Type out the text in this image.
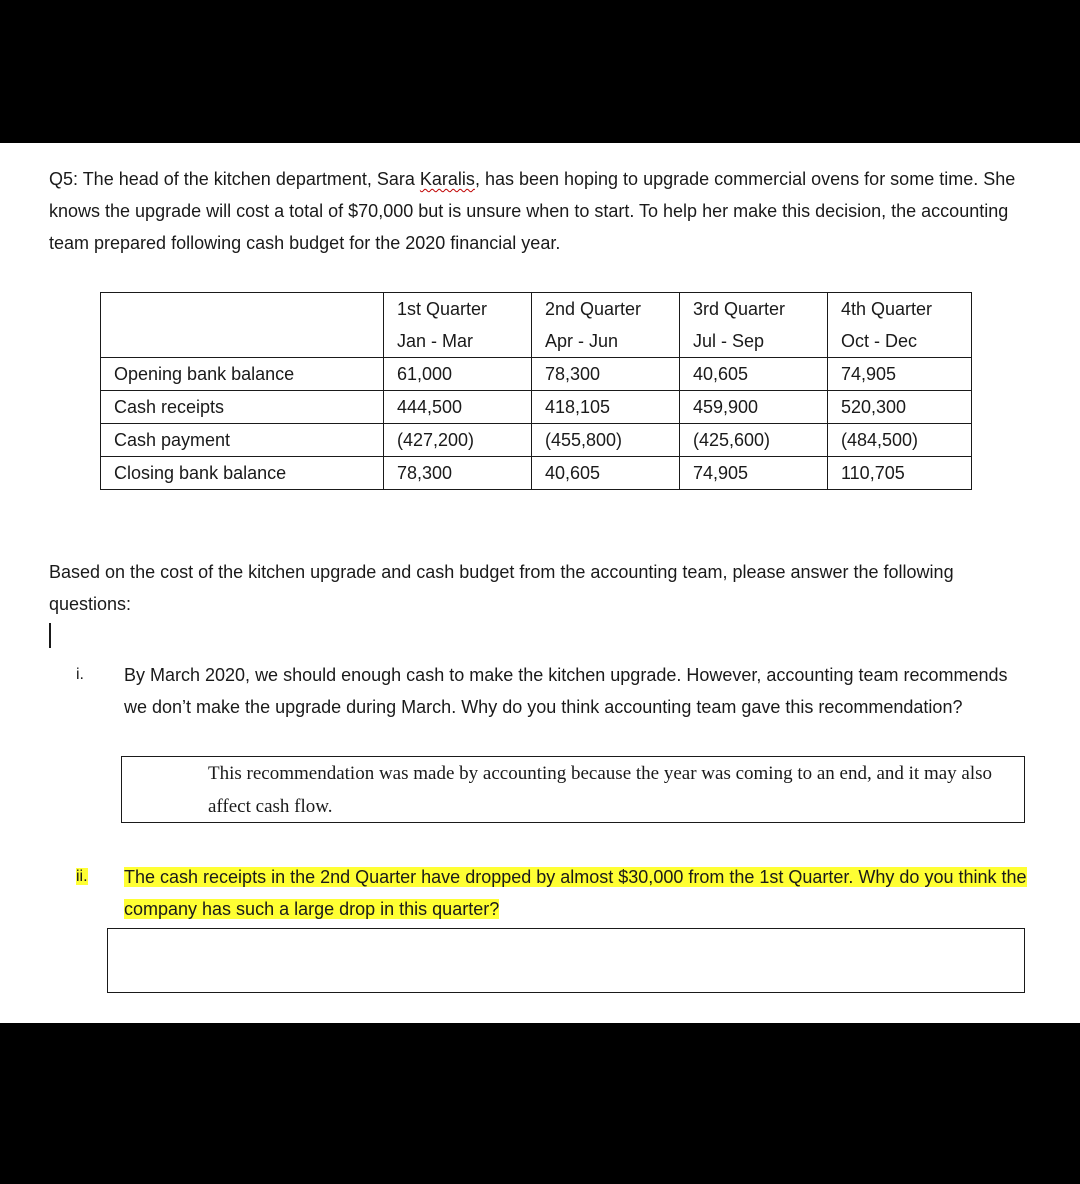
Q5: The head of the kitchen department, Sara Karalis, has been hoping to upgrade commercial ovens for some time. She knows the upgrade will cost a total of $70,000 but is unsure when to start. To help her make this decision, the accounting team prepared following cash budget for the 2020 financial year.

	1st Quarter	2nd Quarter	3rd Quarter	4th Quarter
	Jan - Mar	Apr - Jun	Jul - Sep	Oct - Dec
Opening bank balance	61,000	78,300	40,605	74,905
Cash receipts	444,500	418,105	459,900	520,300
Cash payment	(427,200)	(455,800)	(425,600)	(484,500)
Closing bank balance	78,300	40,605	74,905	110,705

Based on the cost of the kitchen upgrade and cash budget from the accounting team, please answer the following questions:

i. By March 2020, we should enough cash to make the kitchen upgrade. However, accounting team recommends we don’t make the upgrade during March. Why do you think accounting team gave this recommendation?

This recommendation was made by accounting because the year was coming to an end, and it may also affect cash flow.
ii. The cash receipts in the 2nd Quarter have dropped by almost $30,000 from the 1st Quarter. Why do you think the company has such a large drop in this quarter?
